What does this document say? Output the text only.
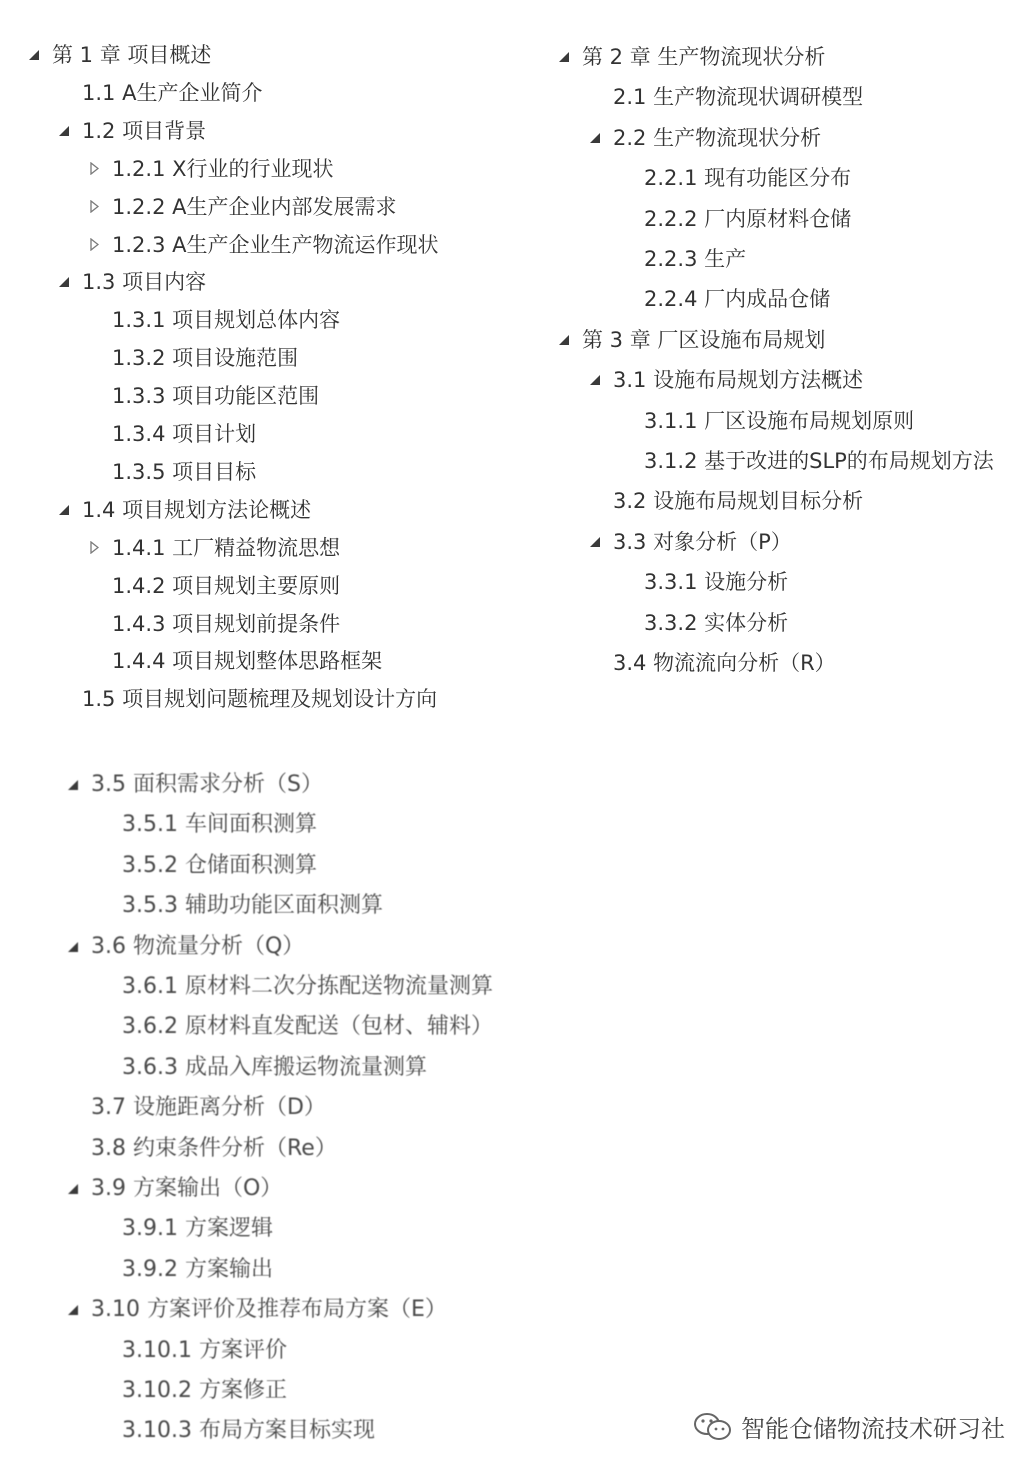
第 1 章 项目概述
1.1 A生产企业简介
1.2 项目背景
1.2.1 X行业的行业现状
1.2.2 A生产企业内部发展需求
1.2.3 A生产企业生产物流运作现状
1.3 项目内容
1.3.1 项目规划总体内容
1.3.2 项目设施范围
1.3.3 项目功能区范围
1.3.4 项目计划
1.3.5 项目目标
1.4 项目规划方法论概述
1.4.1 工厂精益物流思想
1.4.2 项目规划主要原则
1.4.3 项目规划前提条件
1.4.4 项目规划整体思路框架
1.5 项目规划问题梳理及规划设计方向
第 2 章 生产物流现状分析
2.1 生产物流现状调研模型
2.2 生产物流现状分析
2.2.1 现有功能区分布
2.2.2 厂内原材料仓储
2.2.3 生产
2.2.4 厂内成品仓储
第 3 章 厂区设施布局规划
3.1 设施布局规划方法概述
3.1.1 厂区设施布局规划原则
3.1.2 基于改进的SLP的布局规划方法
3.2 设施布局规划目标分析
3.3 对象分析（P）
3.3.1 设施分析
3.3.2 实体分析
3.4 物流流向分析（R）
3.5 面积需求分析（S）
3.5.1 车间面积测算
3.5.2 仓储面积测算
3.5.3 辅助功能区面积测算
3.6 物流量分析（Q）
3.6.1 原材料二次分拣配送物流量测算
3.6.2 原材料直发配送（包材、辅料）
3.6.3 成品入库搬运物流量测算
3.7 设施距离分析（D）
3.8 约束条件分析（Re）
3.9 方案输出（O）
3.9.1 方案逻辑
3.9.2 方案输出
3.10 方案评价及推荐布局方案（E）
3.10.1 方案评价
3.10.2 方案修正
3.10.3 布局方案目标实现	智能仓储物流技术研习社
